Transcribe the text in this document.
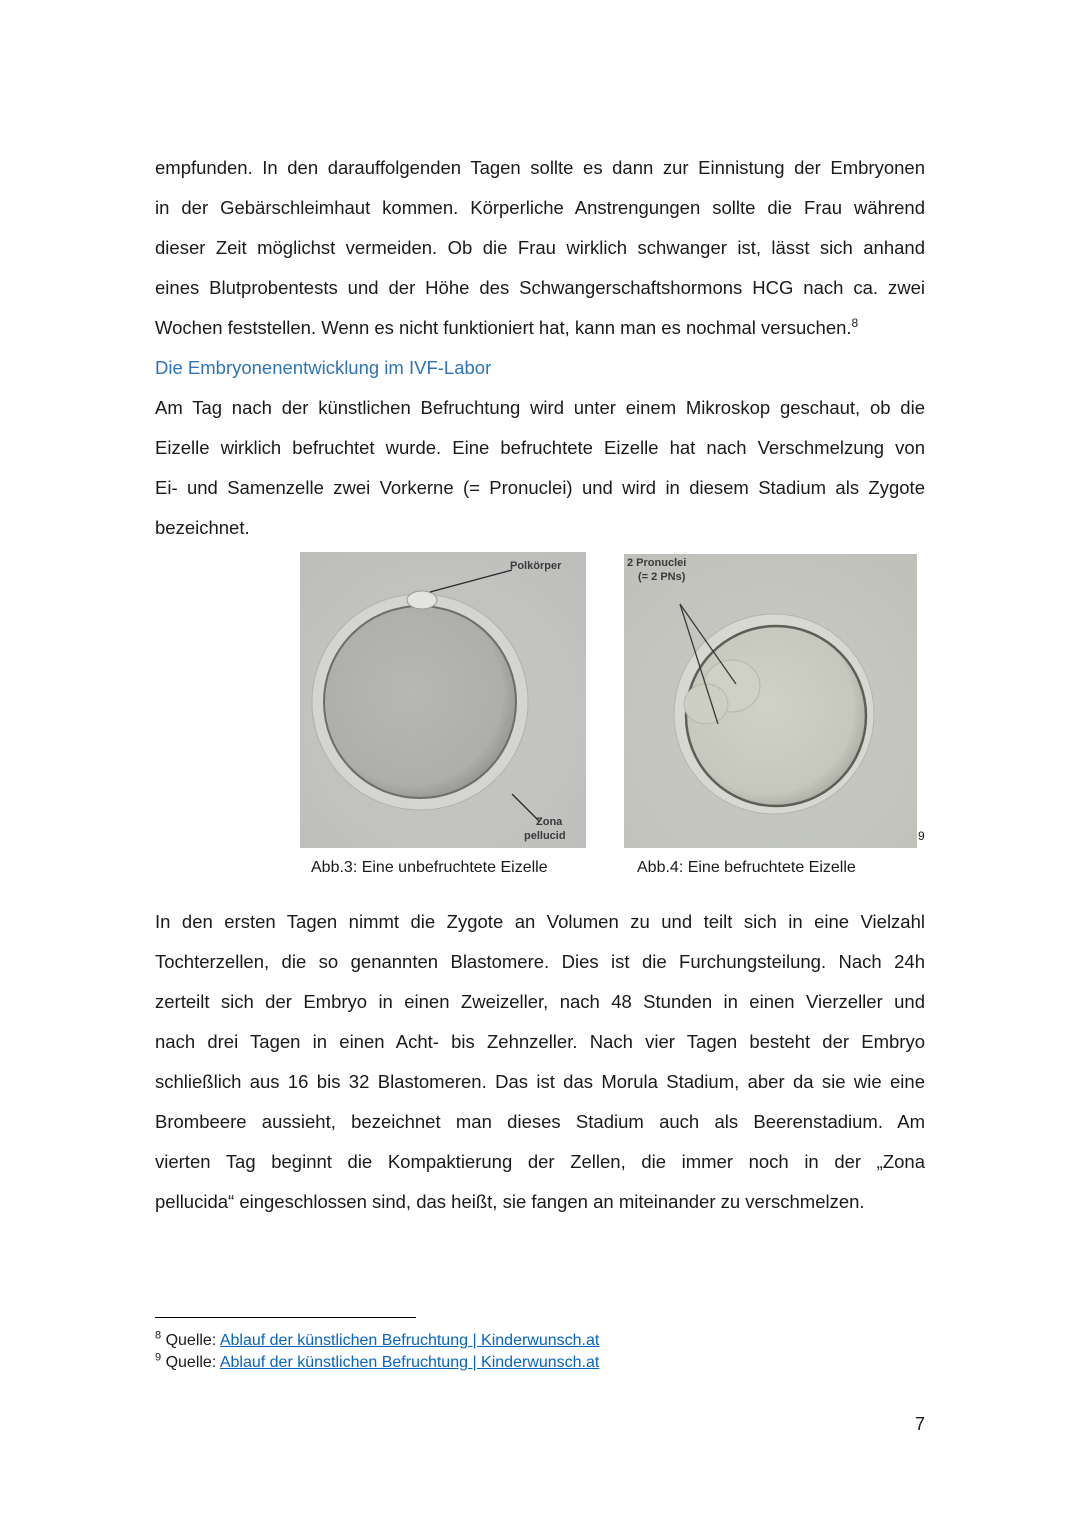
empfunden. In den darauffolgenden Tagen sollte es dann zur Einnistung der Embryonen
in der Gebärschleimhaut kommen. Körperliche Anstrengungen sollte die Frau während
dieser Zeit möglichst vermeiden. Ob die Frau wirklich schwanger ist, lässt sich anhand
eines Blutprobentests und der Höhe des Schwangerschaftshormons HCG nach ca. zwei
Wochen feststellen. Wenn es nicht funktioniert hat, kann man es nochmal versuchen.$^8$
Die Embryonenentwicklung im IVF-Labor
Am Tag nach der künstlichen Befruchtung wird unter einem Mikroskop geschaut, ob die
Eizelle wirklich befruchtet wurde. Eine befruchtete Eizelle hat nach Verschmelzung von
Ei- und Samenzelle zwei Vorkerne (= Pronuclei) und wird in diesem Stadium als Zygote
bezeichnet.
Polkörper
Zona
pellucid
2 Pronuclei
(= 2 PNs)
9
Abb.3: Eine unbefruchtete Eizelle	Abb.4: Eine befruchtete Eizelle
In den ersten Tagen nimmt die Zygote an Volumen zu und teilt sich in eine Vielzahl
Tochterzellen, die so genannten Blastomere. Dies ist die Furchungsteilung. Nach 24h
zerteilt sich der Embryo in einen Zweizeller, nach 48 Stunden in einen Vierzeller und
nach drei Tagen in einen Acht- bis Zehnzeller. Nach vier Tagen besteht der Embryo
schließlich aus 16 bis 32 Blastomeren. Das ist das Morula Stadium, aber da sie wie eine
Brombeere aussieht, bezeichnet man dieses Stadium auch als Beerenstadium. Am
vierten Tag beginnt die Kompaktierung der Zellen, die immer noch in der „Zona
pellucida“ eingeschlossen sind, das heißt, sie fangen an miteinander zu verschmelzen.
$^8$ Quelle: Ablauf der künstlichen Befruchtung | Kinderwunsch.at
$^9$ Quelle: Ablauf der künstlichen Befruchtung | Kinderwunsch.at
7
